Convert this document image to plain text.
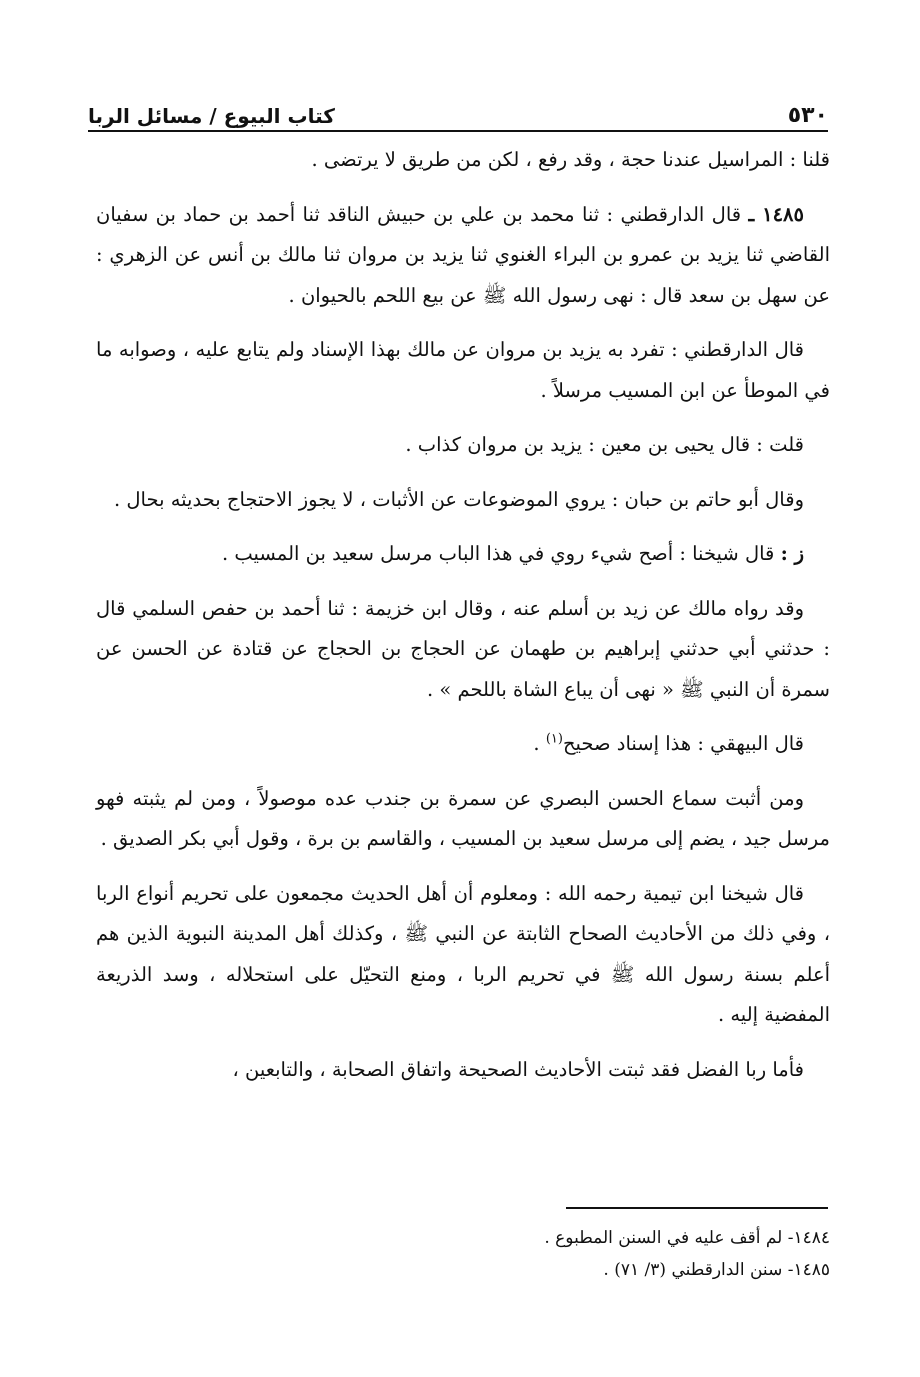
٥٣٠
كتاب البيوع / مسائل الربا

قلنا : المراسيل عندنا حجة ، وقد رفع ، لكن من طريق لا يرتضى .

١٤٨٥ ـ قال الدارقطني : ثنا محمد بن علي بن حبيش الناقد ثنا أحمد بن حماد بن سفيان القاضي ثنا يزيد بن عمرو بن البراء الغنوي ثنا يزيد بن مروان ثنا مالك بن أنس عن الزهري : عن سهل بن سعد قال : نهى رسول الله ﷺ عن بيع اللحم بالحيوان .

قال الدارقطني : تفرد به يزيد بن مروان عن مالك بهذا الإسناد ولم يتابع عليه ، وصوابه ما في الموطأ عن ابن المسيب مرسلاً .

قلت : قال يحيى بن معين : يزيد بن مروان كذاب .

وقال أبو حاتم بن حبان : يروي الموضوعات عن الأثبات ، لا يجوز الاحتجاج بحديثه بحال .

ز : قال شيخنا : أصح شيء روي في هذا الباب مرسل سعيد بن المسيب .

وقد رواه مالك عن زيد بن أسلم عنه ، وقال ابن خزيمة : ثنا أحمد بن حفص السلمي قال : حدثني أبي حدثني إبراهيم بن طهمان عن الحجاج بن الحجاج عن قتادة عن الحسن عن سمرة أن النبي ﷺ « نهى أن يباع الشاة باللحم » .

قال البيهقي : هذا إسناد صحيح$^{(١)}$ .

ومن أثبت سماع الحسن البصري عن سمرة بن جندب عده موصولاً ، ومن لم يثبته فهو مرسل جيد ، يضم إلى مرسل سعيد بن المسيب ، والقاسم بن برة ، وقول أبي بكر الصديق .

قال شيخنا ابن تيمية رحمه الله : ومعلوم أن أهل الحديث مجمعون على تحريم أنواع الربا ، وفي ذلك من الأحاديث الصحاح الثابتة عن النبي ﷺ ، وكذلك أهل المدينة النبوية الذين هم أعلم بسنة رسول الله ﷺ في تحريم الربا ، ومنع التحيّل على استحلاله ، وسد الذريعة المفضية إليه .

فأما ربا الفضل فقد ثبتت الأحاديث الصحيحة واتفاق الصحابة ، والتابعين ،

١٤٨٤- لم أقف عليه في السنن المطبوع .

١٤٨٥- سنن الدارقطني (٣/ ٧١) .
